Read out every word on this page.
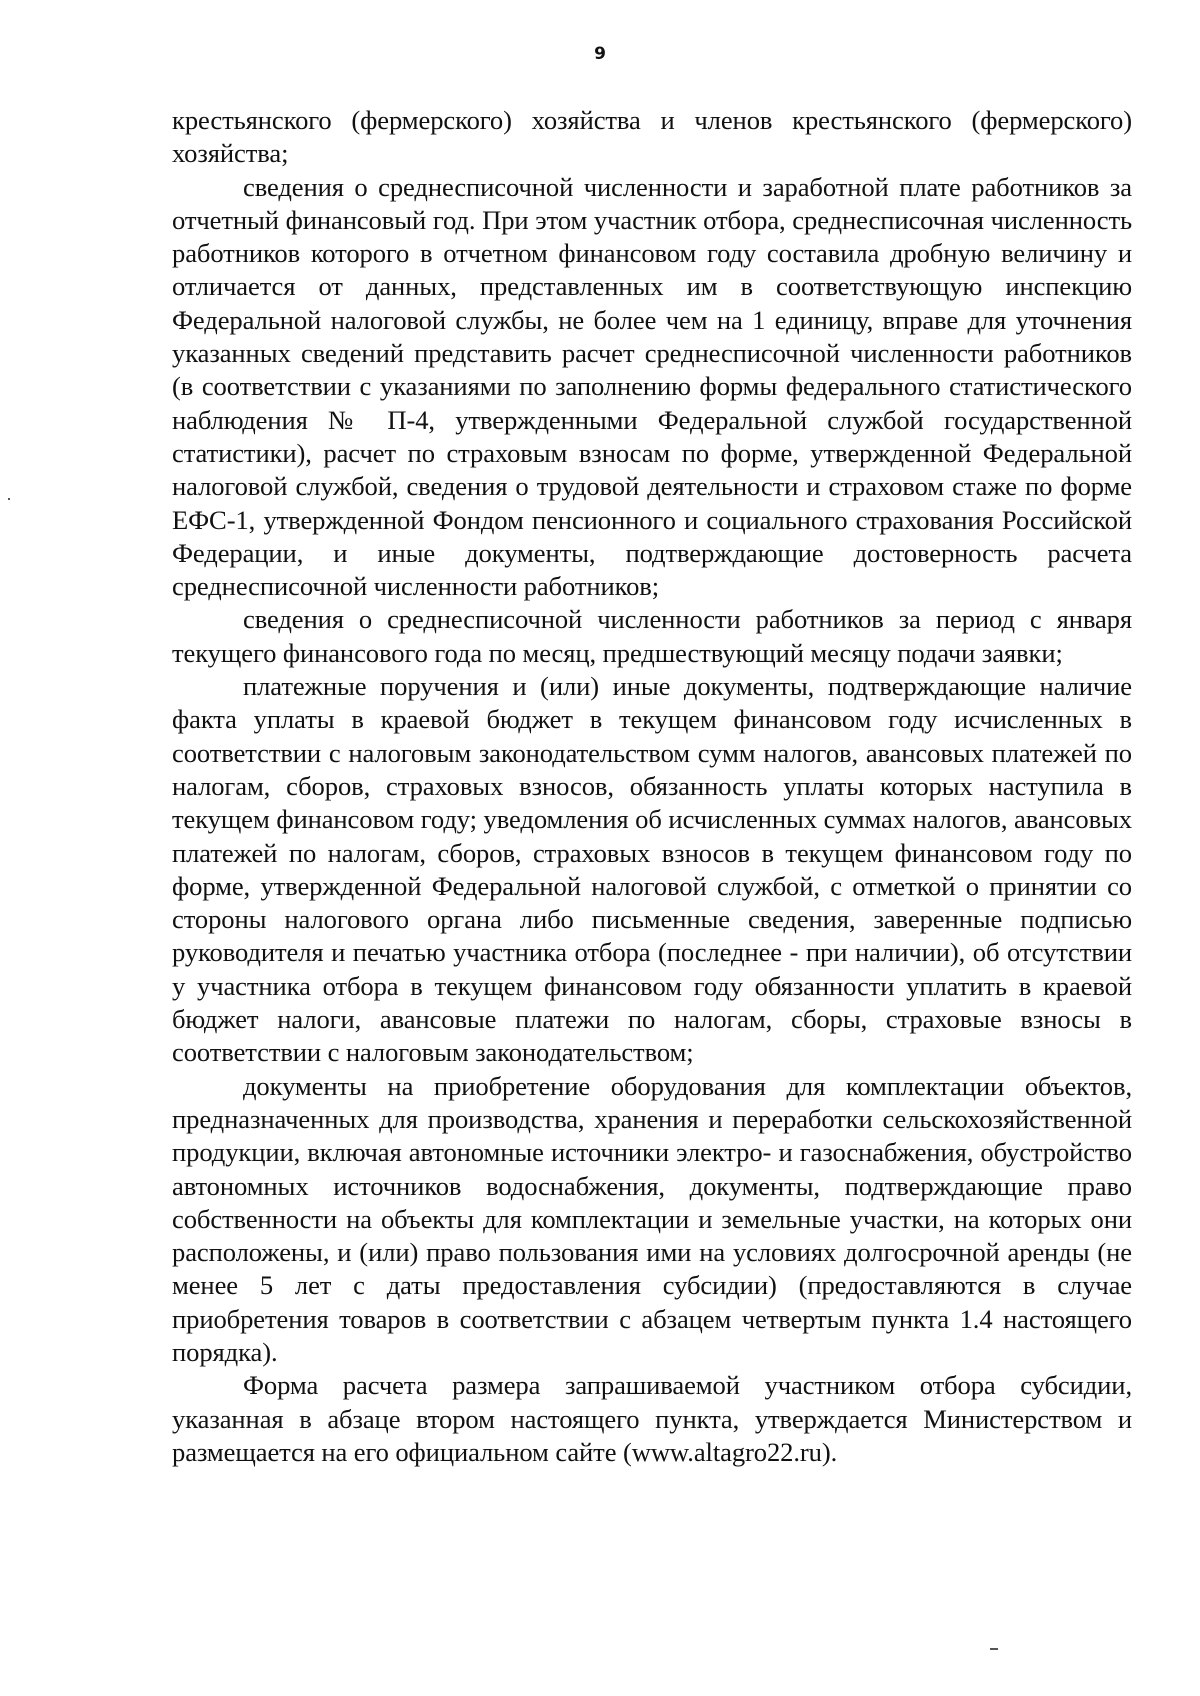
9

крестьянского (фермерского) хозяйства и членов крестьянского (фермерского) хозяйства;

сведения о среднесписочной численности и заработной плате работников за отчетный финансовый год. При этом участник отбора, среднесписочная численность работников которого в отчетном финансовом году составила дробную величину и отличается от данных, представленных им в соответствующую инспекцию Федеральной налоговой службы, не более чем на 1 единицу, вправе для уточнения указанных сведений представить расчет среднесписочной численности работников (в соответствии с указаниями по заполнению формы федерального статистического наблюдения № П-4, утвержденными Федеральной службой государственной статистики), расчет по страховым взносам по форме, утвержденной Федеральной налоговой службой, сведения о трудовой деятельности и страховом стаже по форме ЕФС-1, утвержденной Фондом пенсионного и социального страхования Российской Федерации, и иные документы, подтверждающие достоверность расчета среднесписочной численности работников;

сведения о среднесписочной численности работников за период с января текущего финансового года по месяц, предшествующий месяцу подачи заявки;

платежные поручения и (или) иные документы, подтверждающие наличие факта уплаты в краевой бюджет в текущем финансовом году исчисленных в соответствии с налоговым законодательством сумм налогов, авансовых платежей по налогам, сборов, страховых взносов, обязанность уплаты которых наступила в текущем финансовом году; уведомления об исчисленных суммах налогов, авансовых платежей по налогам, сборов, страховых взносов в текущем финансовом году по форме, утвержденной Федеральной налоговой службой, с отметкой о принятии со стороны налогового органа либо письменные сведения, заверенные подписью руководителя и печатью участника отбора (последнее - при наличии), об отсутствии у участника отбора в текущем финансовом году обязанности уплатить в краевой бюджет налоги, авансовые платежи по налогам, сборы, страховые взносы в соответствии с налоговым законодательством;

документы на приобретение оборудования для комплектации объектов, предназначенных для производства, хранения и переработки сельскохозяйственной продукции, включая автономные источники электро- и газоснабжения, обустройство автономных источников водоснабжения, документы, подтверждающие право собственности на объекты для комплектации и земельные участки, на которых они расположены, и (или) право пользования ими на условиях долгосрочной аренды (не менее 5 лет с даты предоставления субсидии) (предоставляются в случае приобретения товаров в соответствии с абзацем четвертым пункта 1.4 настоящего порядка).

Форма расчета размера запрашиваемой участником отбора субсидии, указанная в абзаце втором настоящего пункта, утверждается Министерством и размещается на его официальном сайте (www.altagro22.ru).
